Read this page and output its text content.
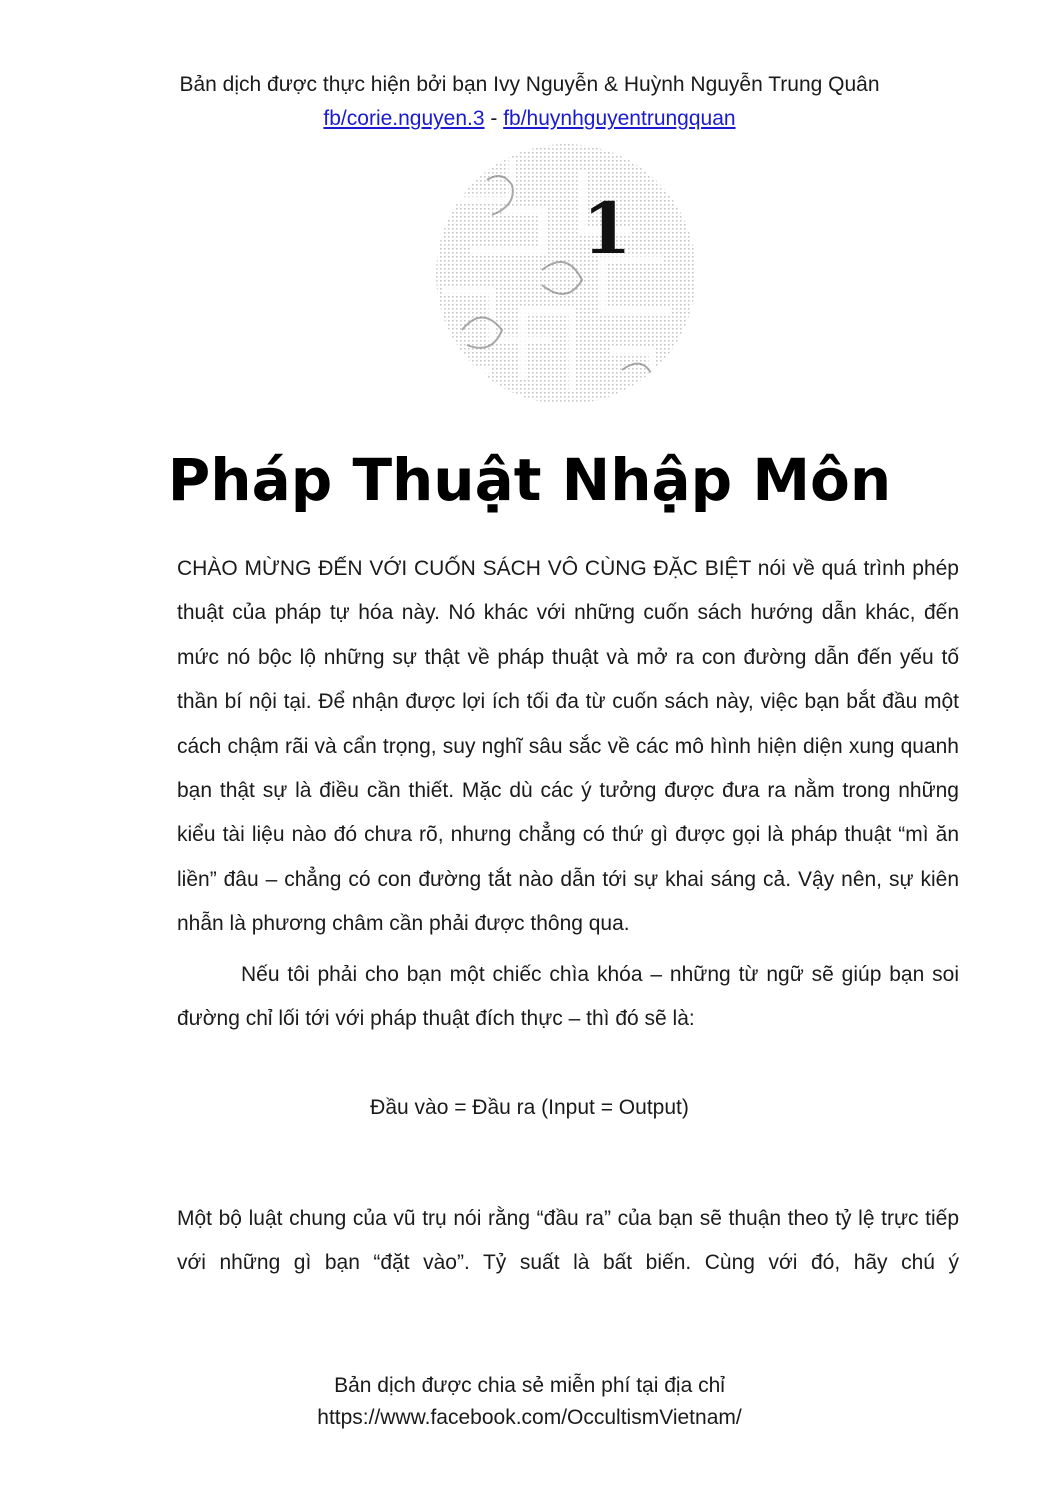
Bản dịch được thực hiện bởi bạn Ivy Nguyễn & Huỳnh Nguyễn Trung Quân
fb/corie.nguyen.3 - fb/huynhguyentrungquan
1
Pháp Thuật Nhập Môn

CHÀO MỪNG ĐẾN VỚI CUỐN SÁCH VÔ CÙNG ĐẶC BIỆT nói về quá trình phép thuật của pháp tự hóa này. Nó khác với những cuốn sách hướng dẫn khác, đến mức nó bộc lộ những sự thật về pháp thuật và mở ra con đường dẫn đến yếu tố thần bí nội tại. Để nhận được lợi ích tối đa từ cuốn sách này, việc bạn bắt đầu một cách chậm rãi và cẩn trọng, suy nghĩ sâu sắc về các mô hình hiện diện xung quanh bạn thật sự là điều cần thiết. Mặc dù các ý tưởng được đưa ra nằm trong những kiểu tài liệu nào đó chưa rõ, nhưng chẳng có thứ gì được gọi là pháp thuật “mì ăn liền” đâu – chẳng có con đường tắt nào dẫn tới sự khai sáng cả. Vậy nên, sự kiên nhẫn là phương châm cần phải được thông qua.

Nếu tôi phải cho bạn một chiếc chìa khóa – những từ ngữ sẽ giúp bạn soi đường chỉ lối tới với pháp thuật đích thực – thì đó sẽ là:

Đầu vào = Đầu ra (Input = Output)

Một bộ luật chung của vũ trụ nói rằng “đầu ra” của bạn sẽ thuận theo tỷ lệ trực tiếp với những gì bạn “đặt vào”. Tỷ suất là bất biến. Cùng với đó, hãy chú ý

Bản dịch được chia sẻ miễn phí tại địa chỉ
https://www.facebook.com/OccultismVietnam/
